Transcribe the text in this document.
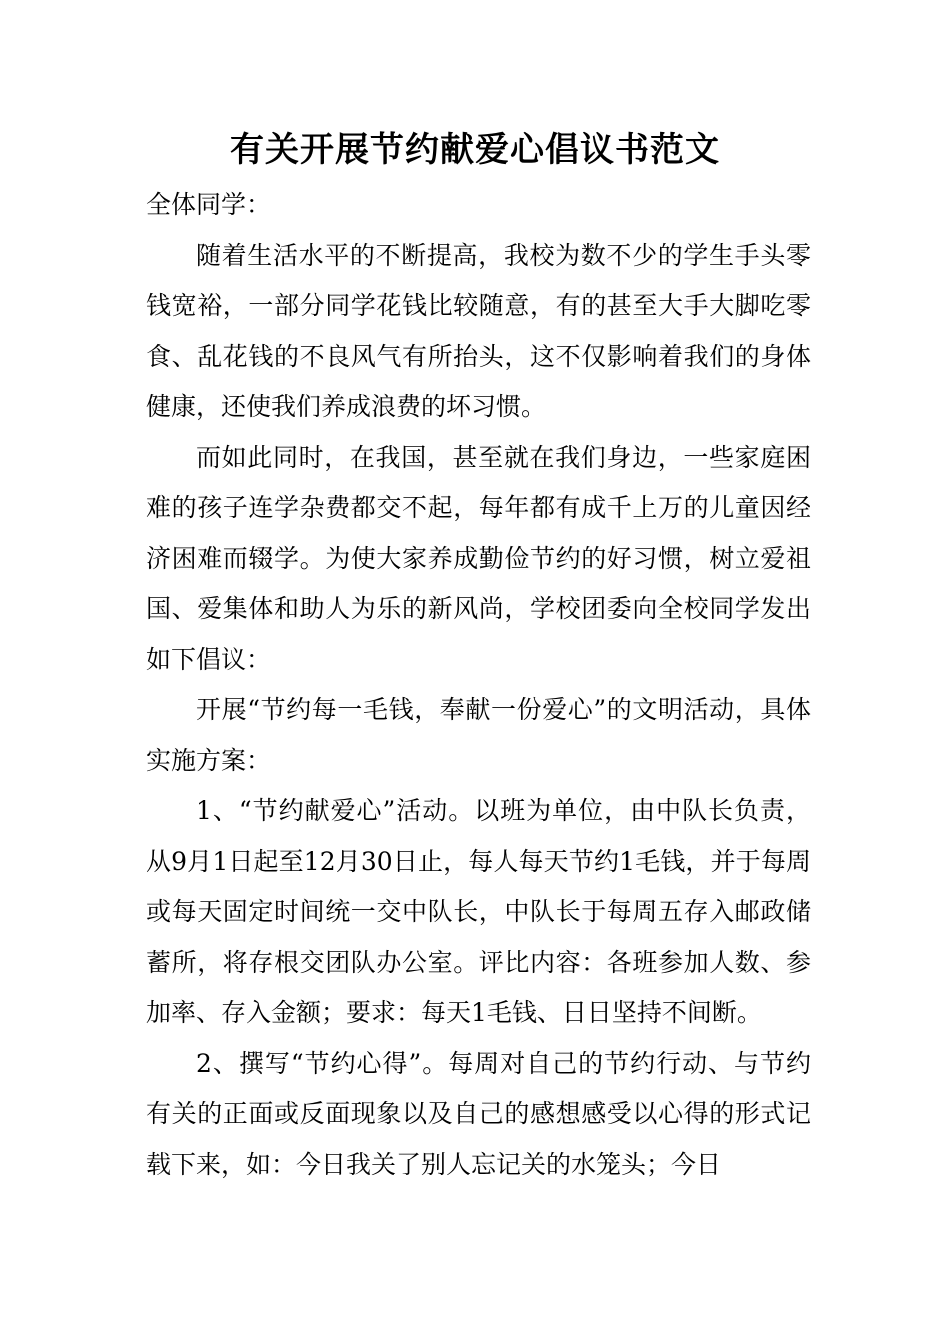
有关开展节约献爱心倡议书范文

全体同学：

随着生活水平的不断提高，我校为数不少的学生手头零钱宽裕，一部分同学花钱比较随意，有的甚至大手大脚吃零食、乱花钱的不良风气有所抬头，这不仅影响着我们的身体健康，还使我们养成浪费的坏习惯。

而如此同时，在我国，甚至就在我们身边，一些家庭困难的孩子连学杂费都交不起，每年都有成千上万的儿童因经济困难而辍学。为使大家养成勤俭节约的好习惯，树立爱祖国、爱集体和助人为乐的新风尚，学校团委向全校同学发出如下倡议：

开展“节约每一毛钱，奉献一份爱心”的文明活动，具体实施方案：

1、“节约献爱心”活动。以班为单位，由中队长负责，从9月1日起至12月30日止，每人每天节约1毛钱，并于每周或每天固定时间统一交中队长，中队长于每周五存入邮政储蓄所，将存根交团队办公室。评比内容：各班参加人数、参加率、存入金额；要求：每天1毛钱、日日坚持不间断。

2、撰写“节约心得”。每周对自己的节约行动、与节约有关的正面或反面现象以及自己的感想感受以心得的形式记载下来，如：今日我关了别人忘记关的水笼头；今日
